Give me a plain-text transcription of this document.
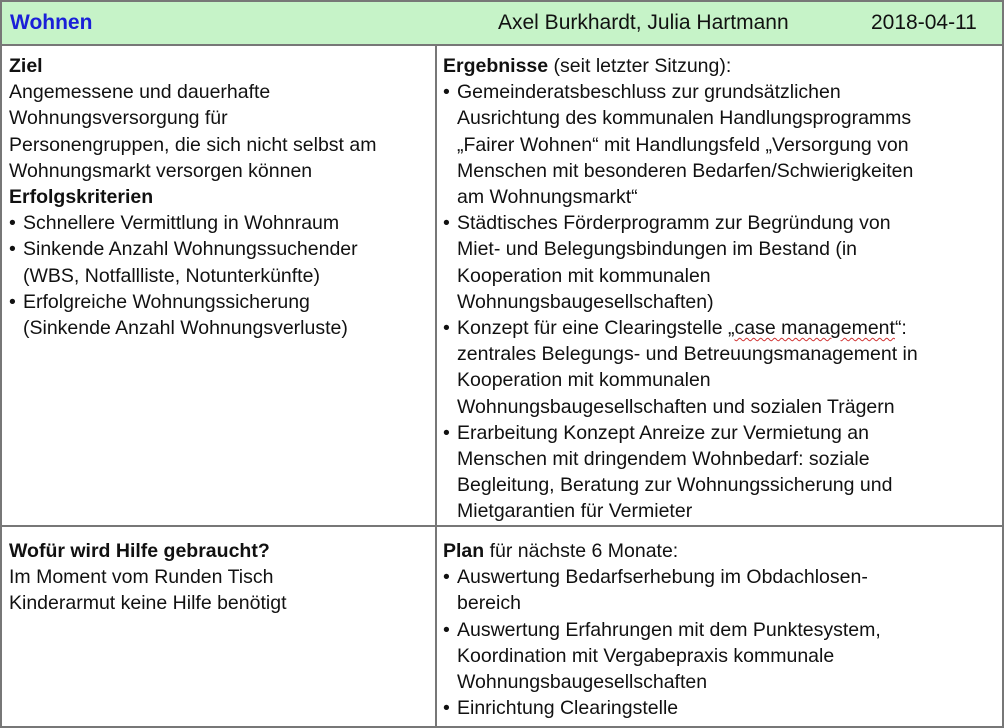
Wohnen	Axel Burkhardt, Julia Hartmann	2018-04-11
Ziel
Angemessene und dauerhafte
Wohnungsversorgung für
Personengruppen, die sich nicht selbst am
Wohnungsmarkt versorgen können
Erfolgskriterien
• Schnellere Vermittlung in Wohnraum
• Sinkende Anzahl Wohnungssuchender
(WBS, Notfallliste, Notunterkünfte)
• Erfolgreiche Wohnungssicherung
(Sinkende Anzahl Wohnungsverluste)
Ergebnisse (seit letzter Sitzung):
• Gemeinderatsbeschluss zur grundsätzlichen
Ausrichtung des kommunalen Handlungsprogramms
„Fairer Wohnen“ mit Handlungsfeld „Versorgung von
Menschen mit besonderen Bedarfen/Schwierigkeiten
am Wohnungsmarkt“
• Städtisches Förderprogramm zur Begründung von
Miet- und Belegungsbindungen im Bestand (in
Kooperation mit kommunalen
Wohnungsbaugesellschaften)
• Konzept für eine Clearingstelle „case management“:
zentrales Belegungs- und Betreuungsmanagement in
Kooperation mit kommunalen
Wohnungsbaugesellschaften und sozialen Trägern
• Erarbeitung Konzept Anreize zur Vermietung an
Menschen mit dringendem Wohnbedarf: soziale
Begleitung, Beratung zur Wohnungssicherung und
Mietgarantien für Vermieter
Wofür wird Hilfe gebraucht?
Im Moment vom Runden Tisch
Kinderarmut keine Hilfe benötigt
Plan für nächste 6 Monate:
• Auswertung Bedarfserhebung im Obdachlosen-
bereich
• Auswertung Erfahrungen mit dem Punktesystem,
Koordination mit Vergabepraxis kommunale
Wohnungsbaugesellschaften
• Einrichtung Clearingstelle
